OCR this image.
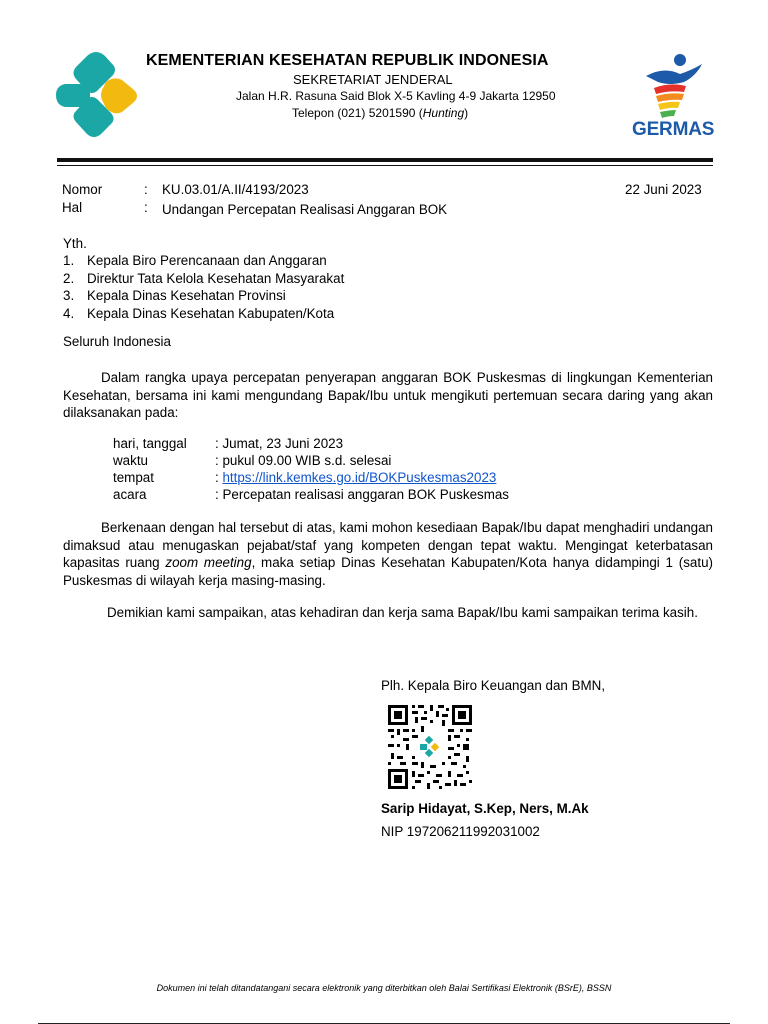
KEMENTERIAN KESEHATAN REPUBLIK INDONESIA
SEKRETARIAT JENDERAL
Jalan H.R. Rasuna Said Blok X-5 Kavling 4-9 Jakarta 12950
Telepon (021) 5201590 (Hunting)
GERMAS
Nomor	: KU.03.01/A.II/4193/2023	22 Juni 2023
Hal	: Undangan Percepatan Realisasi Anggaran BOK
Yth.
1. Kepala Biro Perencanaan dan Anggaran
2. Direktur Tata Kelola Kesehatan Masyarakat
3. Kepala Dinas Kesehatan Provinsi
4. Kepala Dinas Kesehatan Kabupaten/Kota
Seluruh Indonesia
Dalam rangka upaya percepatan penyerapan anggaran BOK Puskesmas di lingkungan Kementerian Kesehatan, bersama ini kami mengundang Bapak/Ibu untuk mengikuti pertemuan secara daring yang akan dilaksanakan pada:
hari, tanggal : Jumat, 23 Juni 2023
waktu	: pukul 09.00 WIB s.d. selesai
tempat	: https://link.kemkes.go.id/BOKPuskesmas2023
acara	: Percepatan realisasi anggaran BOK Puskesmas
Berkenaan dengan hal tersebut di atas, kami mohon kesediaan Bapak/Ibu dapat menghadiri undangan dimaksud atau menugaskan pejabat/staf yang kompeten dengan tepat waktu. Mengingat keterbatasan kapasitas ruang zoom meeting, maka setiap Dinas Kesehatan Kabupaten/Kota hanya didampingi 1 (satu) Puskesmas di wilayah kerja masing-masing.
Demikian kami sampaikan, atas kehadiran dan kerja sama Bapak/Ibu kami sampaikan terima kasih.
Plh. Kepala Biro Keuangan dan BMN,
Sarip Hidayat, S.Kep, Ners, M.Ak
NIP 197206211992031002
Dokumen ini telah ditandatangani secara elektronik yang diterbitkan oleh Balai Sertifikasi Elektronik (BSrE), BSSN
